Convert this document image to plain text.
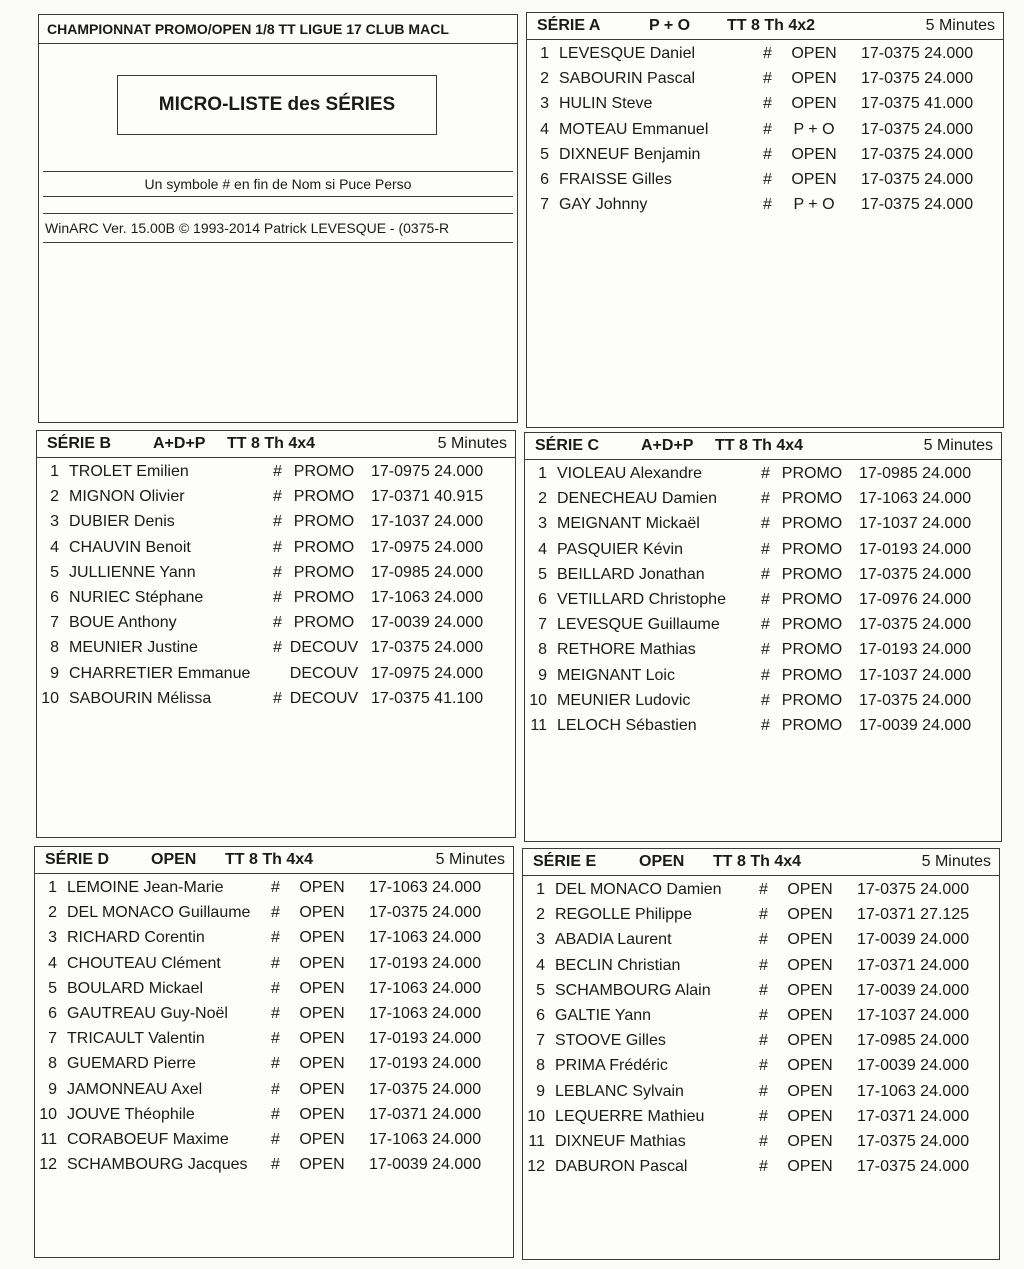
CHAMPIONNAT PROMO/OPEN 1/8 TT LIGUE 17 CLUB MACL
MICRO-LISTE des SÉRIES
Un symbole # en fin de Nom si Puce Perso
WinARC Ver. 15.00B © 1993-2014 Patrick LEVESQUE - (0375-R
SÉRIE A	P + O TT 8 Th 4x2	5 Minutes
1 LEVESQUE Daniel	#	OPEN	17-0375 24.000
2 SABOURIN Pascal	#	OPEN	17-0375 24.000
3 HULIN Steve	#	OPEN	17-0375 41.000
4 MOTEAU Emmanuel	#	P + O	17-0375 24.000
5 DIXNEUF Benjamin	#	OPEN	17-0375 24.000
6 FRAISSE Gilles	#	OPEN	17-0375 24.000
7 GAY Johnny	#	P + O	17-0375 24.000
SÉRIE B	A+D+P TT 8 Th 4x4	5 Minutes
1 TROLET Emilien	# PROMO	17-0975 24.000
2 MIGNON Olivier	# PROMO	17-0371 40.915
3 DUBIER Denis	# PROMO	17-1037 24.000
4 CHAUVIN Benoit	# PROMO	17-0975 24.000
5 JULLIENNE Yann	# PROMO	17-0985 24.000
6 NURIEC Stéphane	# PROMO	17-1063 24.000
7 BOUE Anthony	# PROMO	17-0039 24.000
8 MEUNIER Justine	# DECOUV 17-0375 24.000
9 CHARRETIER Emmanue DECOUV 17-0975 24.000
10 SABOURIN Mélissa	# DECOUV 17-0375 41.100
SÉRIE C	A+D+P TT 8 Th 4x4	5 Minutes
1 VIOLEAU Alexandre	# PROMO	17-0985 24.000
2 DENECHEAU Damien	# PROMO	17-1063 24.000
3 MEIGNANT Mickaël	# PROMO	17-1037 24.000
4 PASQUIER Kévin	# PROMO	17-0193 24.000
5 BEILLARD Jonathan	# PROMO	17-0375 24.000
6 VETILLARD Christophe # PROMO	17-0976 24.000
7 LEVESQUE Guillaume	# PROMO	17-0375 24.000
8 RETHORE Mathias	# PROMO	17-0193 24.000
9 MEIGNANT Loic	# PROMO	17-1037 24.000
10 MEUNIER Ludovic	# PROMO	17-0375 24.000
11 LELOCH Sébastien	# PROMO	17-0039 24.000
SÉRIE D	OPEN TT 8 Th 4x4	5 Minutes
1 LEMOINE Jean-Marie	#	OPEN	17-1063 24.000
2 DEL MONACO Guillaume #	OPEN	17-0375 24.000
3 RICHARD Corentin	#	OPEN	17-1063 24.000
4 CHOUTEAU Clément	#	OPEN	17-0193 24.000
5 BOULARD Mickael	#	OPEN	17-1063 24.000
6 GAUTREAU Guy-Noël	#	OPEN	17-1063 24.000
7 TRICAULT Valentin	#	OPEN	17-0193 24.000
8 GUEMARD Pierre	#	OPEN	17-0193 24.000
9 JAMONNEAU Axel	#	OPEN	17-0375 24.000
10 JOUVE Théophile	#	OPEN	17-0371 24.000
11 CORABOEUF Maxime	#	OPEN	17-1063 24.000
12 SCHAMBOURG Jacques #	OPEN	17-0039 24.000
SÉRIE E	OPEN TT 8 Th 4x4	5 Minutes
1 DEL MONACO Damien #	OPEN	17-0375 24.000
2 REGOLLE Philippe	#	OPEN	17-0371 27.125
3 ABADIA Laurent	#	OPEN	17-0039 24.000
4 BECLIN Christian	#	OPEN	17-0371 24.000
5 SCHAMBOURG Alain	#	OPEN	17-0039 24.000
6 GALTIE Yann	#	OPEN	17-1037 24.000
7 STOOVE Gilles	#	OPEN	17-0985 24.000
8 PRIMA Frédéric	#	OPEN	17-0039 24.000
9 LEBLANC Sylvain	#	OPEN	17-1063 24.000
10 LEQUERRE Mathieu	#	OPEN	17-0371 24.000
11 DIXNEUF Mathias	#	OPEN	17-0375 24.000
12 DABURON Pascal	#	OPEN	17-0375 24.000
